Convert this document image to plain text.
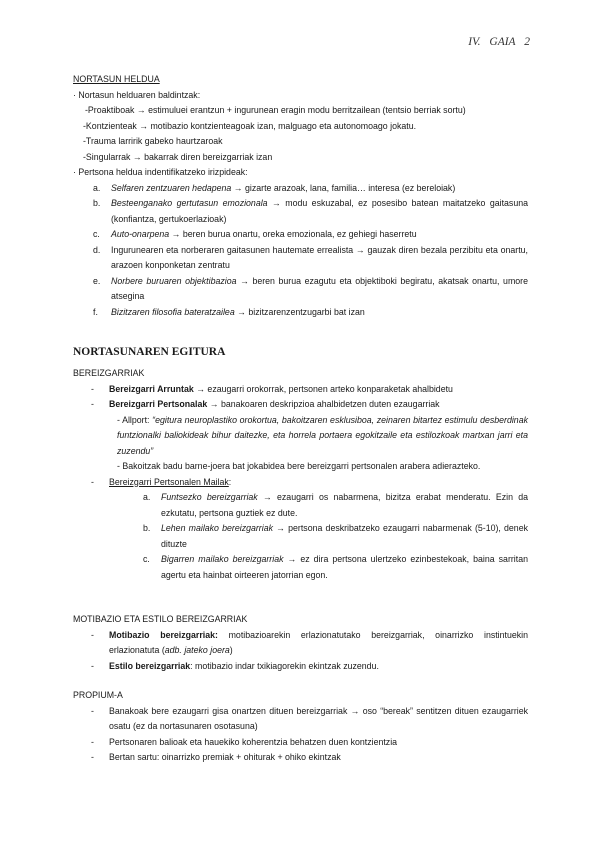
IV. GAIA 2
NORTASUN HELDUA
· Nortasun helduaren baldintzak:
-Proaktiboak → estimuluei erantzun + ingurunean eragin modu berritzailean (tentsio berriak sortu)
-Kontzienteak → motibazio kontzienteagoak izan, malguago eta autonomoago jokatu.
-Trauma larririk gabeko haurtzaroak
-Singularrak → bakarrak diren bereizgarriak izan
· Pertsona heldua indentifikatzeko irizpideak:
a.	Selfaren zentzuaren hedapena → gizarte arazoak, lana, familia… interesa (ez bereloiak)
b.	Besteenganako gertutasun emozionala → modu eskuzabal, ez posesibo batean maitatzeko gaitasuna (konfiantza, gertukoerlazioak)
c.	Auto-onarpena → beren burua onartu, oreka emozionala, ez gehiegi haserretu
d.	Ingurunearen eta norberaren gaitasunen hautemate errealista → gauzak diren bezala perzibitu eta onartu, arazoen konponketan zentratu
e.	Norbere buruaren objektibazioa → beren burua ezagutu eta objektiboki begiratu, akatsak onartu, umore atsegina
f.	Bizitzaren filosofia bateratzailea → bizitzarenzentzugarbi bat izan
NORTASUNAREN EGITURA
BEREIZGARRIAK
-	Bereizgarri Arruntak → ezaugarri orokorrak, pertsonen arteko konparaketak ahalbidetu
-	Bereizgarri Pertsonalak → banakoaren deskripzioa ahalbidetzen duten ezaugarriak
- Allport: “egitura neuroplastiko orokortua, bakoitzaren esklusiboa, zeinaren bitartez estimulu desberdinak funtzionalki baliokideak bihur daitezke, eta horrela portaera egokitzaile eta estilozkoak martxan jarri eta zuzendu”
- Bakoitzak badu barne-joera bat jokabidea bere bereizgarri pertsonalen arabera adierazteko.
-	Bereizgarri Pertsonalen Mailak:
a.	Funtsezko bereizgarriak → ezaugarri os nabarmena, bizitza erabat menderatu. Ezin da ezkutatu, pertsona guztiek ez dute.
b.	Lehen mailako bereizgarriak → pertsona deskribatzeko ezaugarri nabarmenak (5-10), denek dituzte
c.	Bigarren mailako bereizgarriak → ez dira pertsona ulertzeko ezinbestekoak, baina sarritan agertu eta hainbat oirteeren jatorrian egon.
MOTIBAZIO ETA ESTILO BEREIZGARRIAK
-	Motibazio bereizgarriak: motibazioarekin erlazionatutako bereizgarriak, oinarrizko instintuekin erlazionatuta (adb. jateko joera)
-	Estilo bereizgarriak: motibazio indar txikiagorekin ekintzak zuzendu.
PROPIUM-A
-	Banakoak bere ezaugarri gisa onartzen dituen bereizgarriak → oso “bereak” sentitzen dituen ezaugarriek osatu (ez da nortasunaren osotasuna)
-	Pertsonaren balioak eta hauekiko koherentzia behatzen duen kontzientzia
-	Bertan sartu: oinarrizko premiak + ohiturak + ohiko ekintzak
